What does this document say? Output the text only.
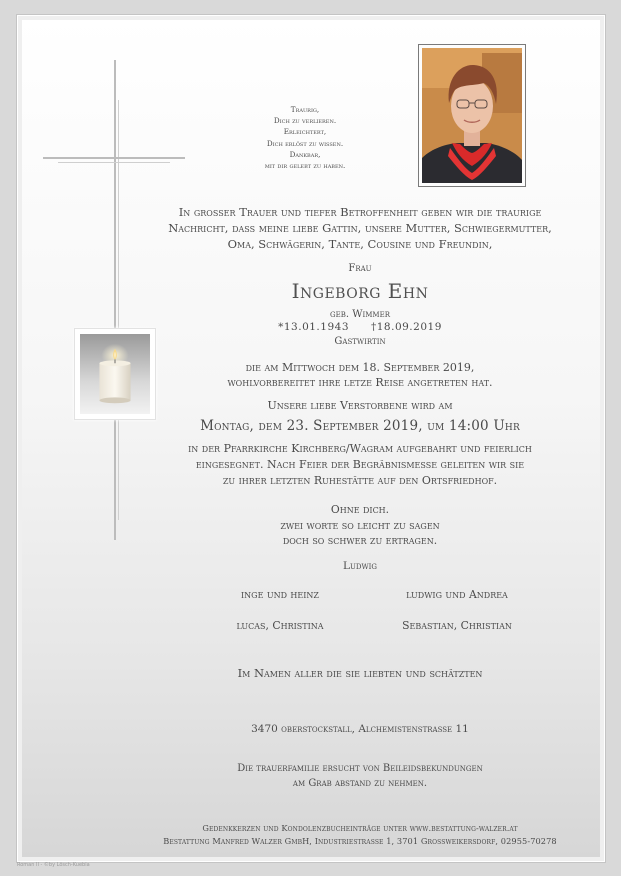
Traurig,
Dich zu verlieren.
Erleichtert,
Dich erlöst zu wissen.
Dankbar,
mit dir gelebt zu haben.
In grosser Trauer und tiefer Betroffenheit geben wir die traurige
Nachricht, dass meine liebe Gattin, unsere Mutter, Schwiegermutter,
Oma, Schwägerin, Tante, Cousine und Freundin,
Frau
Ingeborg Ehn
geb. Wimmer
*13.01.1943 †18.09.2019
Gastwirtin
die am Mittwoch dem 18. September 2019,
wohlvorbereitet ihre letze Reise angetreten hat.
Unsere liebe Verstorbene wird am
Montag, dem 23. September 2019, um 14:00 Uhr
in der Pfarrkirche Kirchberg/Wagram aufgebahrt und feierlich
eingesegnet. Nach Feier der Begräbnismesse geleiten wir sie
zu ihrer letzten Ruhestätte auf den Ortsfriedhof.
Ohne dich.
zwei worte so leicht zu sagen
doch so schwer zu ertragen.
Ludwig
inge und heinz	ludwig und Andrea
lucas, Christina	Sebastian, Christian
Im Namen aller die sie liebten und schätzten
3470 oberstockstall, Alchemistenstrasse 11
Die trauerfamilie ersucht von Beileidsbekundungen
am Grab abstand zu nehmen.
Gedenkkerzen und Kondolenzbucheinträge unter www.bestattung-walzer.at
Bestattung Manfred Walzer GmbH, Industriestrasse 1, 3701 Grossweikersdorf, 02955-70278
Roman II - ©by Lösch-Kuebla
